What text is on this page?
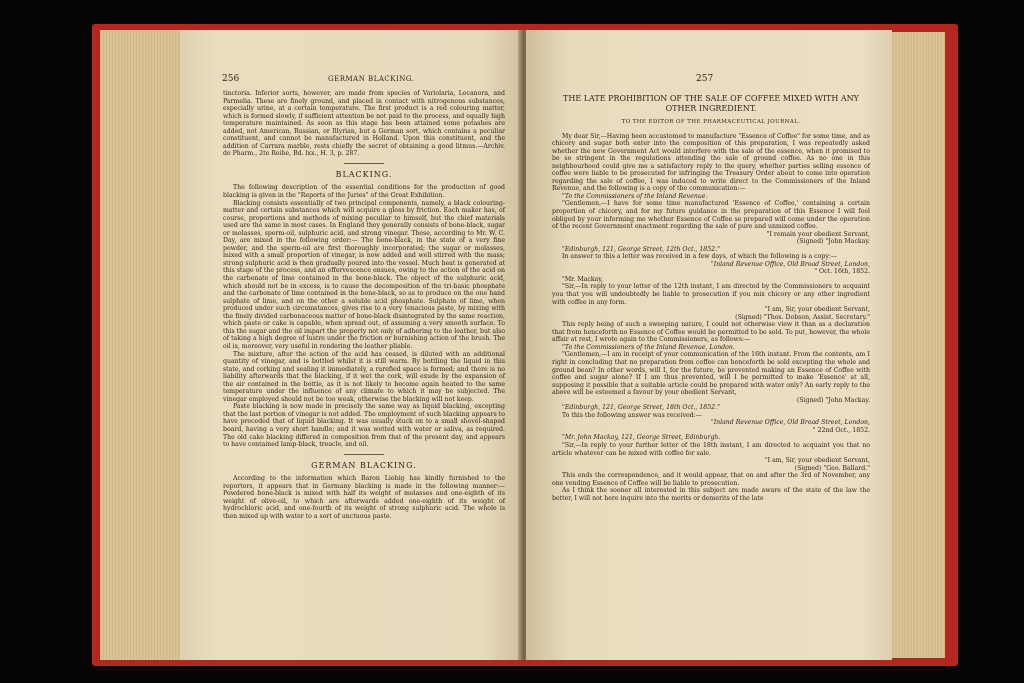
256	GERMAN BLACKING.

tinctoria. Inferior sorts, however, are made from species of Variolaria, Lecanora, and Parmelia. These are finely ground, and placed in contact with nitrogenous substances, especially urine, at a certain temperature. The first product is a red colouring matter, which is formed slowly, if sufficient attention be not paid to the process, and equally high temperature maintained. As soon as this stage has been attained some potashes are added, not American, Russian, or Illyrian, but a German sort, which contains a peculiar constituent, and cannot be manufactured in Holland. Upon this constituent, and the addition of Carrara marble, rests chiefly the secret of obtaining a good litmus.—Archiv. de Pharm., 2te Reihe, Bd. lxx., H. 3, p. 287.

BLACKING.

The following description of the essential conditions for the production of good blacking is given in the "Reports of the Juries" of the Great Exhibition.

Blacking consists essentially of two principal components, namely, a black colouring-matter and certain substances which will acquire a gloss by friction. Each maker has, of course, proportions and methods of mixing peculiar to himself, but the chief materials used are the same in most cases. In England they generally consists of bone-black, sugar or molasses, sperm-oil, sulphuric acid, and strong vinegar. These, according to Mr. W. C. Day, are mixed in the following order:— The bone-black, in the state of a very fine powder, and the sperm-oil are first thoroughly incorporated; the sugar or molasses, mixed with a small proportion of vinegar, is now added and well stirred with the mass; strong sulphuric acid is then gradually poured into the vessel. Much heat is generated at this stage of the process, and an effervescence ensues, owing to the action of the acid on the carbonate of lime contained in the bone-black. The object of the sulphuric acid, which should not be in excess, is to cause the decomposition of the tri-basic phosphate and the carbonate of lime contained in the bone-black, so as to produce on the one hand sulphate of lime, and on the other a soluble acid phosphate. Sulphate of lime, when produced under such circumstances, gives rise to a very tenacious paste, by mixing with the finely divided carbonaceous matter of bone-black disintegrated by the same reaction, which paste or cake is capable, when spread out, of assuming a very smooth surface. To this the sugar and the oil impart the property not only of adhering to the leather, but also of taking a high degree of lustre under the friction or burnishing action of the brush. The oil is, moreover, very useful in rendering the leather pliable.

The mixture, after the action of the acid has ceased, is diluted with an additional quantity of vinegar, and is bottled whilst it is still warm. By bottling the liquid in this state, and corking and sealing it immediately, a rarefied space is formed; and there is no liability afterwards that the blacking, if it wet the cork, will exude by the expansion of the air contained in the bottle, as it is not likely to become again heated to the same temperature under the influence of any climate to which it may be subjected. The vinegar employed should not be too weak, otherwise the blacking will not keep.

Paste blacking is now made in precisely the same way as liquid blacking, excepting that the last portion of vinegar is not added. The employment of such blacking appears to have preceded that of liquid blacking. It was usually stuck on to a small shovel-shaped board, having a very short handle; and it was wetted with water or saliva, as required. The old cake blacking differed in composition from that of the present day, and appears to have contained lamp-black, treacle, and oil.

GERMAN BLACKING.

According to the information which Baron Liebig has kindly furnished to the reporters, it appears that in Germany blacking is made in the following manner:— Powdered bone-black is mixed with half its weight of molasses and one-eighth of its weight of olive-oil, to which are afterwards added one-eighth of its weight of hydrochloric acid, and one-fourth of its weight of strong sulphuric acid. The whole is then mixed up with water to a sort of unctuous paste.

257
THE LATE PROHIBITION OF THE SALE OF COFFEE MIXED WITH ANY OTHER INGREDIENT.
TO THE EDITOR OF THE PHARMACEUTICAL JOURNAL.

My dear Sir,—Having been accustomed to manufacture "Essence of Coffee" for some time, and as chicory and sugar both enter into the composition of this preparation, I was repeatedly asked whether the new Government Act would interfere with the sale of the essence, when it promised to be so stringent in the regulations attending the sale of ground coffee. As no one in this neighbourhood could give me a satisfactory reply to the query, whether parties selling essence of coffee were liable to be prosecuted for infringing the Treasury Order about to come into operation regarding the sale of coffee, I was induced to write direct to the Commissioners of the Inland Revenue, and the following is a copy of the communication:—

"To the Commissioners of the Inland Revenue.

"Gentlemen,—I have for some time manufactured 'Essence of Coffee,' containing a certain proportion of chicory, and for my future guidance in the preparation of this Essence I will feel obliged by your informing me whether Essence of Coffee so prepared will come under the operation of the recent Government enactment regarding the sale of pure and unmixed coffee.

"I remain your obedient Servant,

(Signed) "John Mackay.

"Edinburgh, 121, George Street, 12th Oct., 1852."

In answer to this a letter was received in a few days, of which the following is a copy:—

"Inland Revenue Office, Old Broad Street, London,

" Oct. 16th, 1852.

"Mr. Mackay,

"Sir,—In reply to your letter of the 12th instant, I am directed by the Commissioners to acquaint you that you will undoubtedly be liable to prosecution if you mix chicory or any other ingredient with coffee in any form.

"I am, Sir, your obedient Servant,

(Signed) "Thos. Dobson, Assist. Secretary."

This reply being of such a sweeping nature, I could not otherwise view it than as a declaration that from henceforth no Essence of Coffee would be permitted to be sold. To put, however, the whole affair at rest, I wrote again to the Commissioners, as follows:—

"To the Commissioners of the Inland Revenue, London.

"Gentlemen,—I am in receipt of your communication of the 16th instant. From the contents, am I right in concluding that no preparation from coffee can henceforth be sold excepting the whole and ground bean? In other words, will I, for the future, be prevented making an Essence of Coffee with coffee and sugar alone? If I am thus prevented, will I be permitted to make 'Essence' at all, supposing it possible that a suitable article could be prepared with water only? An early reply to the above will be esteemed a favour by your obedient Servant,

(Signed) "John Mackay.

"Edinburgh, 121, George Street, 18th Oct., 1852."

To this the following answer was received:—

"Inland Revenue Office, Old Broad Street, London,

" 22nd Oct., 1852.

"Mr. John Mackay, 121, George Street, Edinburgh.

"Sir,—In reply to your further letter of the 18th instant, I am directed to acquaint you that no article whatever can be mixed with coffee for sale.

"I am, Sir, your obedient Servant,

(Signed) "Geo. Ballard."

This ends the correspondence, and it would appear, that on and after the 3rd of November, any one vending Essence of Coffee will be liable to prosecution.

As I think the sooner all interested in this subject are made aware of the state of the law the better, I will not here inquire into the merits or demerits of the late
